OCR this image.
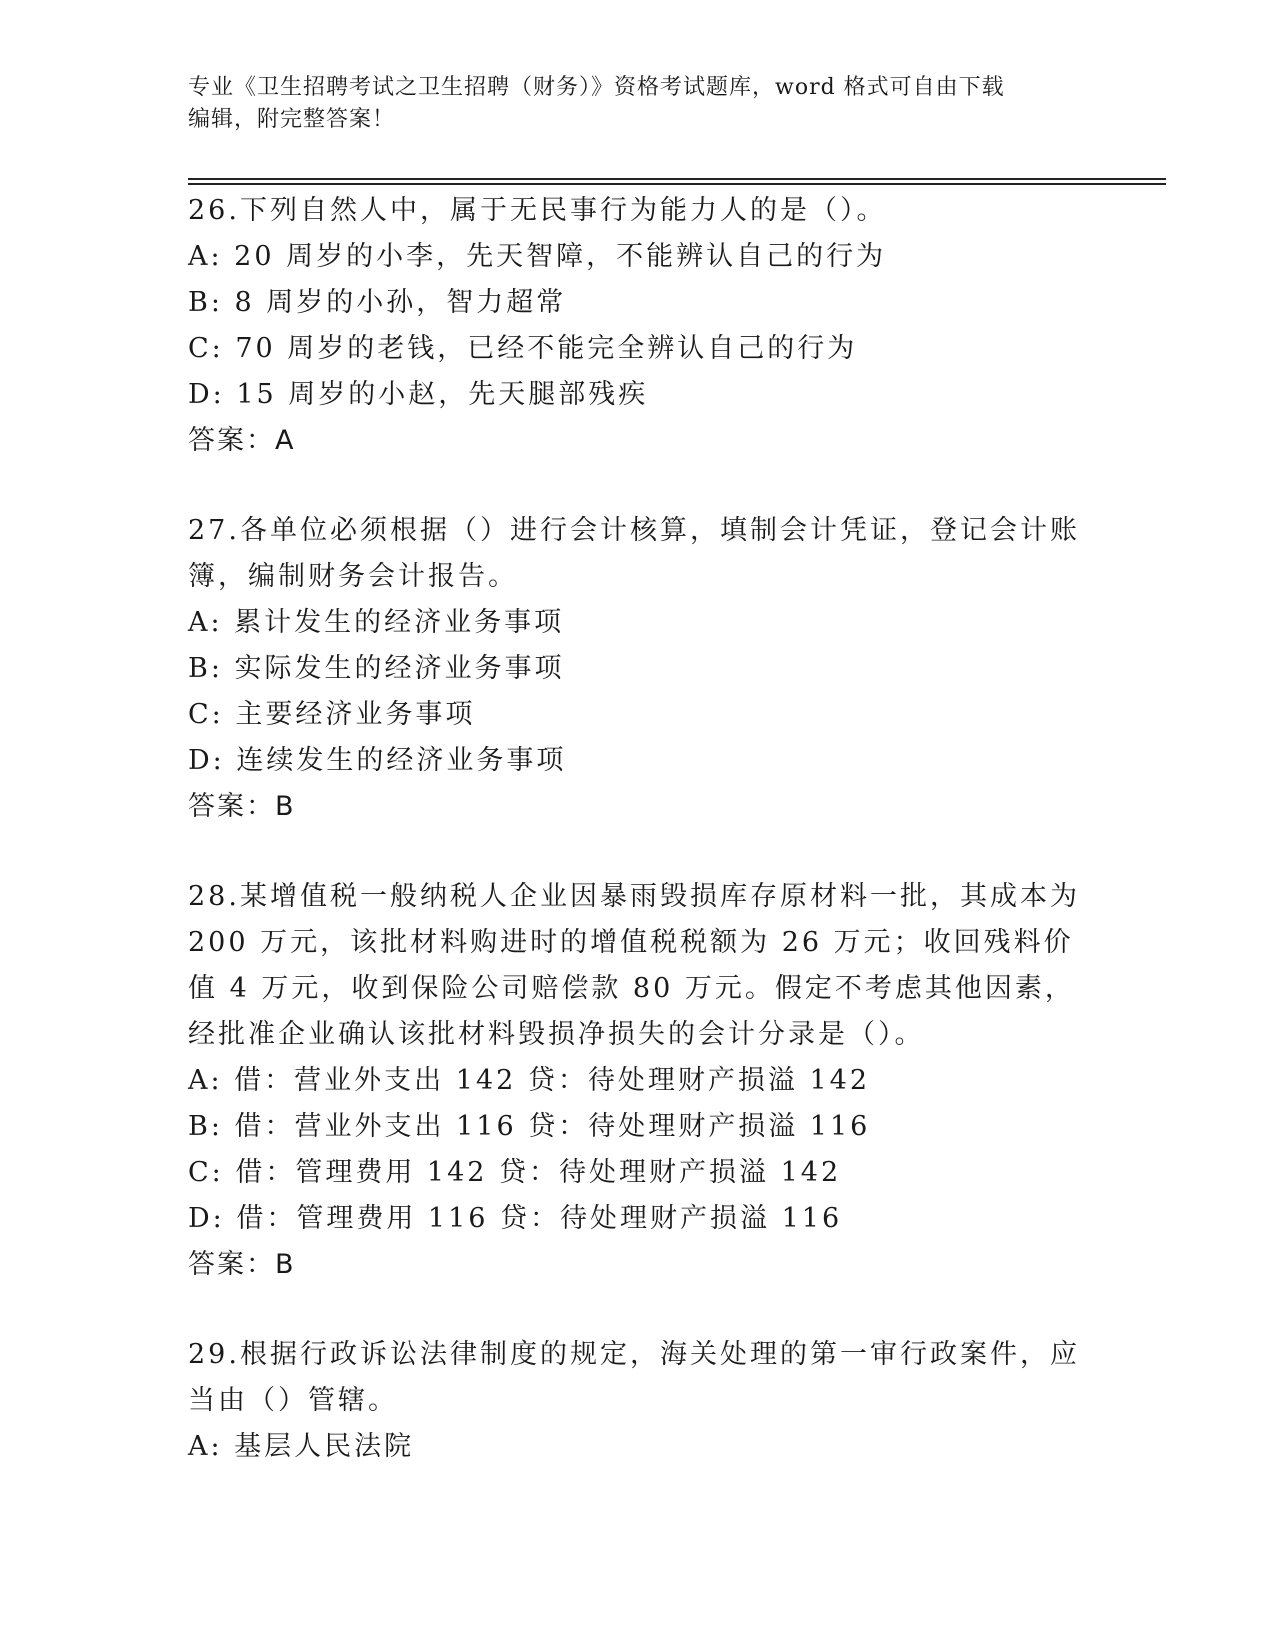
专业《卫生招聘考试之卫生招聘（财务）》资格考试题库，word 格式可自由下载
编辑，附完整答案！
26.下列自然人中，属于无民事行为能力人的是（）。
A: 20 周岁的小李，先天智障，不能辨认自己的行为
B: 8 周岁的小孙，智力超常
C: 70 周岁的老钱，已经不能完全辨认自己的行为
D: 15 周岁的小赵，先天腿部残疾
答案：A
27.各单位必须根据（）进行会计核算，填制会计凭证，登记会计账簿，编制财务会计报告。
A: 累计发生的经济业务事项
B: 实际发生的经济业务事项
C: 主要经济业务事项
D: 连续发生的经济业务事项
答案：B
28.某增值税一般纳税人企业因暴雨毁损库存原材料一批，其成本为 200 万元，该批材料购进时的增值税税额为 26 万元；收回残料价值 4 万元，收到保险公司赔偿款 80 万元。假定不考虑其他因素，经批准企业确认该批材料毁损净损失的会计分录是（）。
A: 借：营业外支出 142 贷：待处理财产损溢 142
B: 借：营业外支出 116 贷：待处理财产损溢 116
C: 借：管理费用 142 贷：待处理财产损溢 142
D: 借：管理费用 116 贷：待处理财产损溢 116
答案：B
29.根据行政诉讼法律制度的规定，海关处理的第一审行政案件，应当由（）管辖。
A: 基层人民法院
